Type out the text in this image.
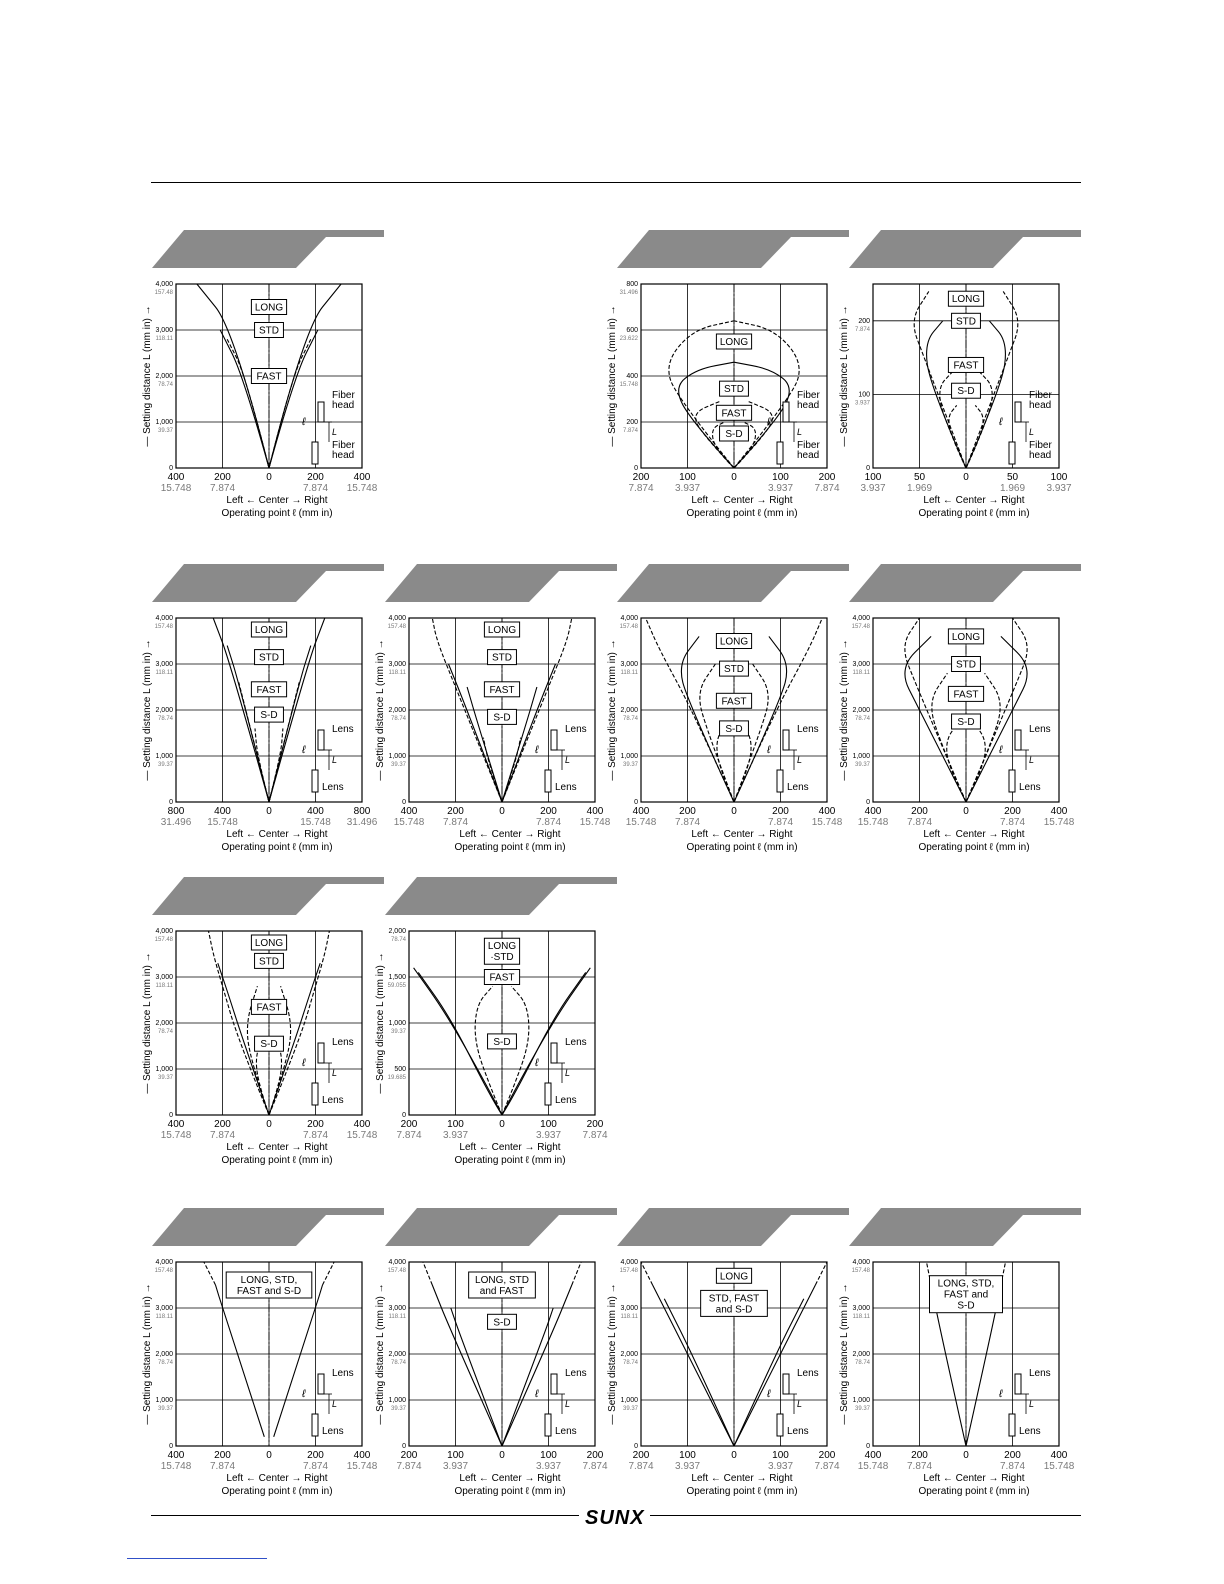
SUNX
0
1,000
39.37
2,000
78.74
3,000
118.11
4,000
157.48
400
15.748
200
7.874
0	200
7.874
400
15.748
LONG
STD
FAST
L
ℓ
Fiber
head
Fiber
head
— Setting distance L (mm in) →
Left ← Center → Right
Operating point ℓ (mm in)
0
200
7.874
400
15.748
600
23.622
800
31.496
200
7.874
100
3.937
0	100
3.937
200
7.874
LONG
STD
FAST
S-D	L
ℓ
Fiber
head
Fiber
head
— Setting distance L (mm in) →
Left ← Center → Right
Operating point ℓ (mm in)
0
100
3.937
200
7.874
100
3.937
50
1.969
0	50
1.969
100
3.937
LONG
STD
FAST
S-D
L
ℓ
Fiber
head
Fiber
head
— Setting distance L (mm in) →
Left ← Center → Right
Operating point ℓ (mm in)
0
1,000
39.37
2,000
78.74
3,000
118.11
4,000
157.48
800
31.496
400
15.748
0	400
15.748
800
31.496
LONG
STD
FAST
S-D
L
ℓ
Lens
Lens
— Setting distance L (mm in) →
Left ← Center → Right
Operating point ℓ (mm in)
0
1,000
39.37
2,000
78.74
3,000
118.11
4,000
157.48
400
15.748
200
7.874
0	200
7.874
400
15.748
LONG
STD
FAST
S-D
L
ℓ
Lens
Lens
— Setting distance L (mm in) →
Left ← Center → Right
Operating point ℓ (mm in)
0
1,000
39.37
2,000
78.74
3,000
118.11
4,000
157.48
400
15.748
200
7.874
0	200
7.874
400
15.748
LONG
STD
FAST
S-D
L
ℓ
Lens
Lens
— Setting distance L (mm in) →
Left ← Center → Right
Operating point ℓ (mm in)
0
1,000
39.37
2,000
78.74
3,000
118.11
4,000
157.48
400
15.748
200
7.874
0	200
7.874
400
15.748
LONG
STD
FAST
S-D
L
ℓ
Lens
Lens
— Setting distance L (mm in) →
Left ← Center → Right
Operating point ℓ (mm in)
0
1,000
39.37
2,000
78.74
3,000
118.11
4,000
157.48
400
15.748
200
7.874
0	200
7.874
400
15.748
LONG
STD
FAST
S-D
L
ℓ
Lens
Lens
— Setting distance L (mm in) →
Left ← Center → Right
Operating point ℓ (mm in)
0
500
19.685
1,000
39.37
1,500
59.055
2,000
78.74
200
7.874
100
3.937
0	100
3.937
200
7.874
LONG
·STD
FAST
S-D
L
ℓ
Lens
Lens
— Setting distance L (mm in) →
Left ← Center → Right
Operating point ℓ (mm in)
0
1,000
39.37
2,000
78.74
3,000
118.11
4,000
157.48
400
15.748
200
7.874
0	200
7.874
400
15.748
LONG, STD,
FAST and S-D
L
ℓ
Lens
Lens
— Setting distance L (mm in) →
Left ← Center → Right
Operating point ℓ (mm in)
0
1,000
39.37
2,000
78.74
3,000
118.11
4,000
157.48
200
7.874
100
3.937
0	100
3.937
200
7.874
LONG, STD
and FAST
S-D
L
ℓ
Lens
Lens
— Setting distance L (mm in) →
Left ← Center → Right
Operating point ℓ (mm in)
0
1,000
39.37
2,000
78.74
3,000
118.11
4,000
157.48
200
7.874
100
3.937
0	100
3.937
200
7.874
LONG
STD, FAST
and S-D
L
ℓ
Lens
Lens
— Setting distance L (mm in) →
Left ← Center → Right
Operating point ℓ (mm in)
0
1,000
39.37
2,000
78.74
3,000
118.11
4,000
157.48
400
15.748
200
7.874
0	200
7.874
400
15.748
LONG, STD,
FAST and
S-D
L
ℓ
Lens
Lens
— Setting distance L (mm in) →
Left ← Center → Right
Operating point ℓ (mm in)
